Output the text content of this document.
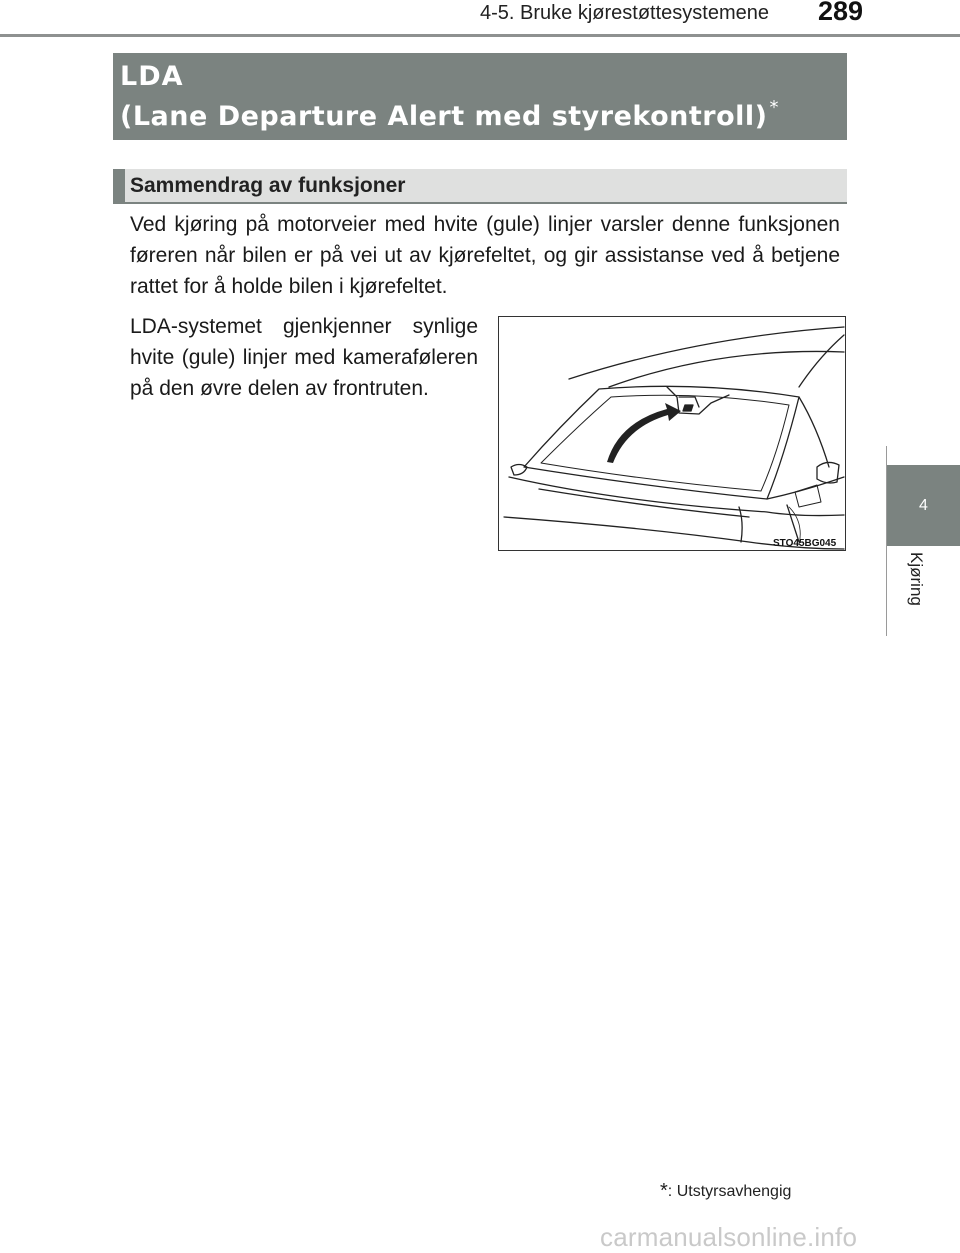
4-5. Bruke kjørestøttesystemene 289
4
Kjøring
LDA
(Lane Departure Alert med styrekontroll) *
Sammendrag av funksjoner
Ved kjøring på motorveier med hvite (gule) linjer varsler denne funksjonen føreren når bilen er på vei ut av kjørefeltet, og gir assistanse ved å betjene rattet for å holde bilen i kjørefeltet.
LDA-systemet gjenkjenner synlige hvite (gule) linjer med kameraføleren på den øvre delen av frontruten.
STO45BG045
*: Utstyrsavhengig
carmanualsonline.info
